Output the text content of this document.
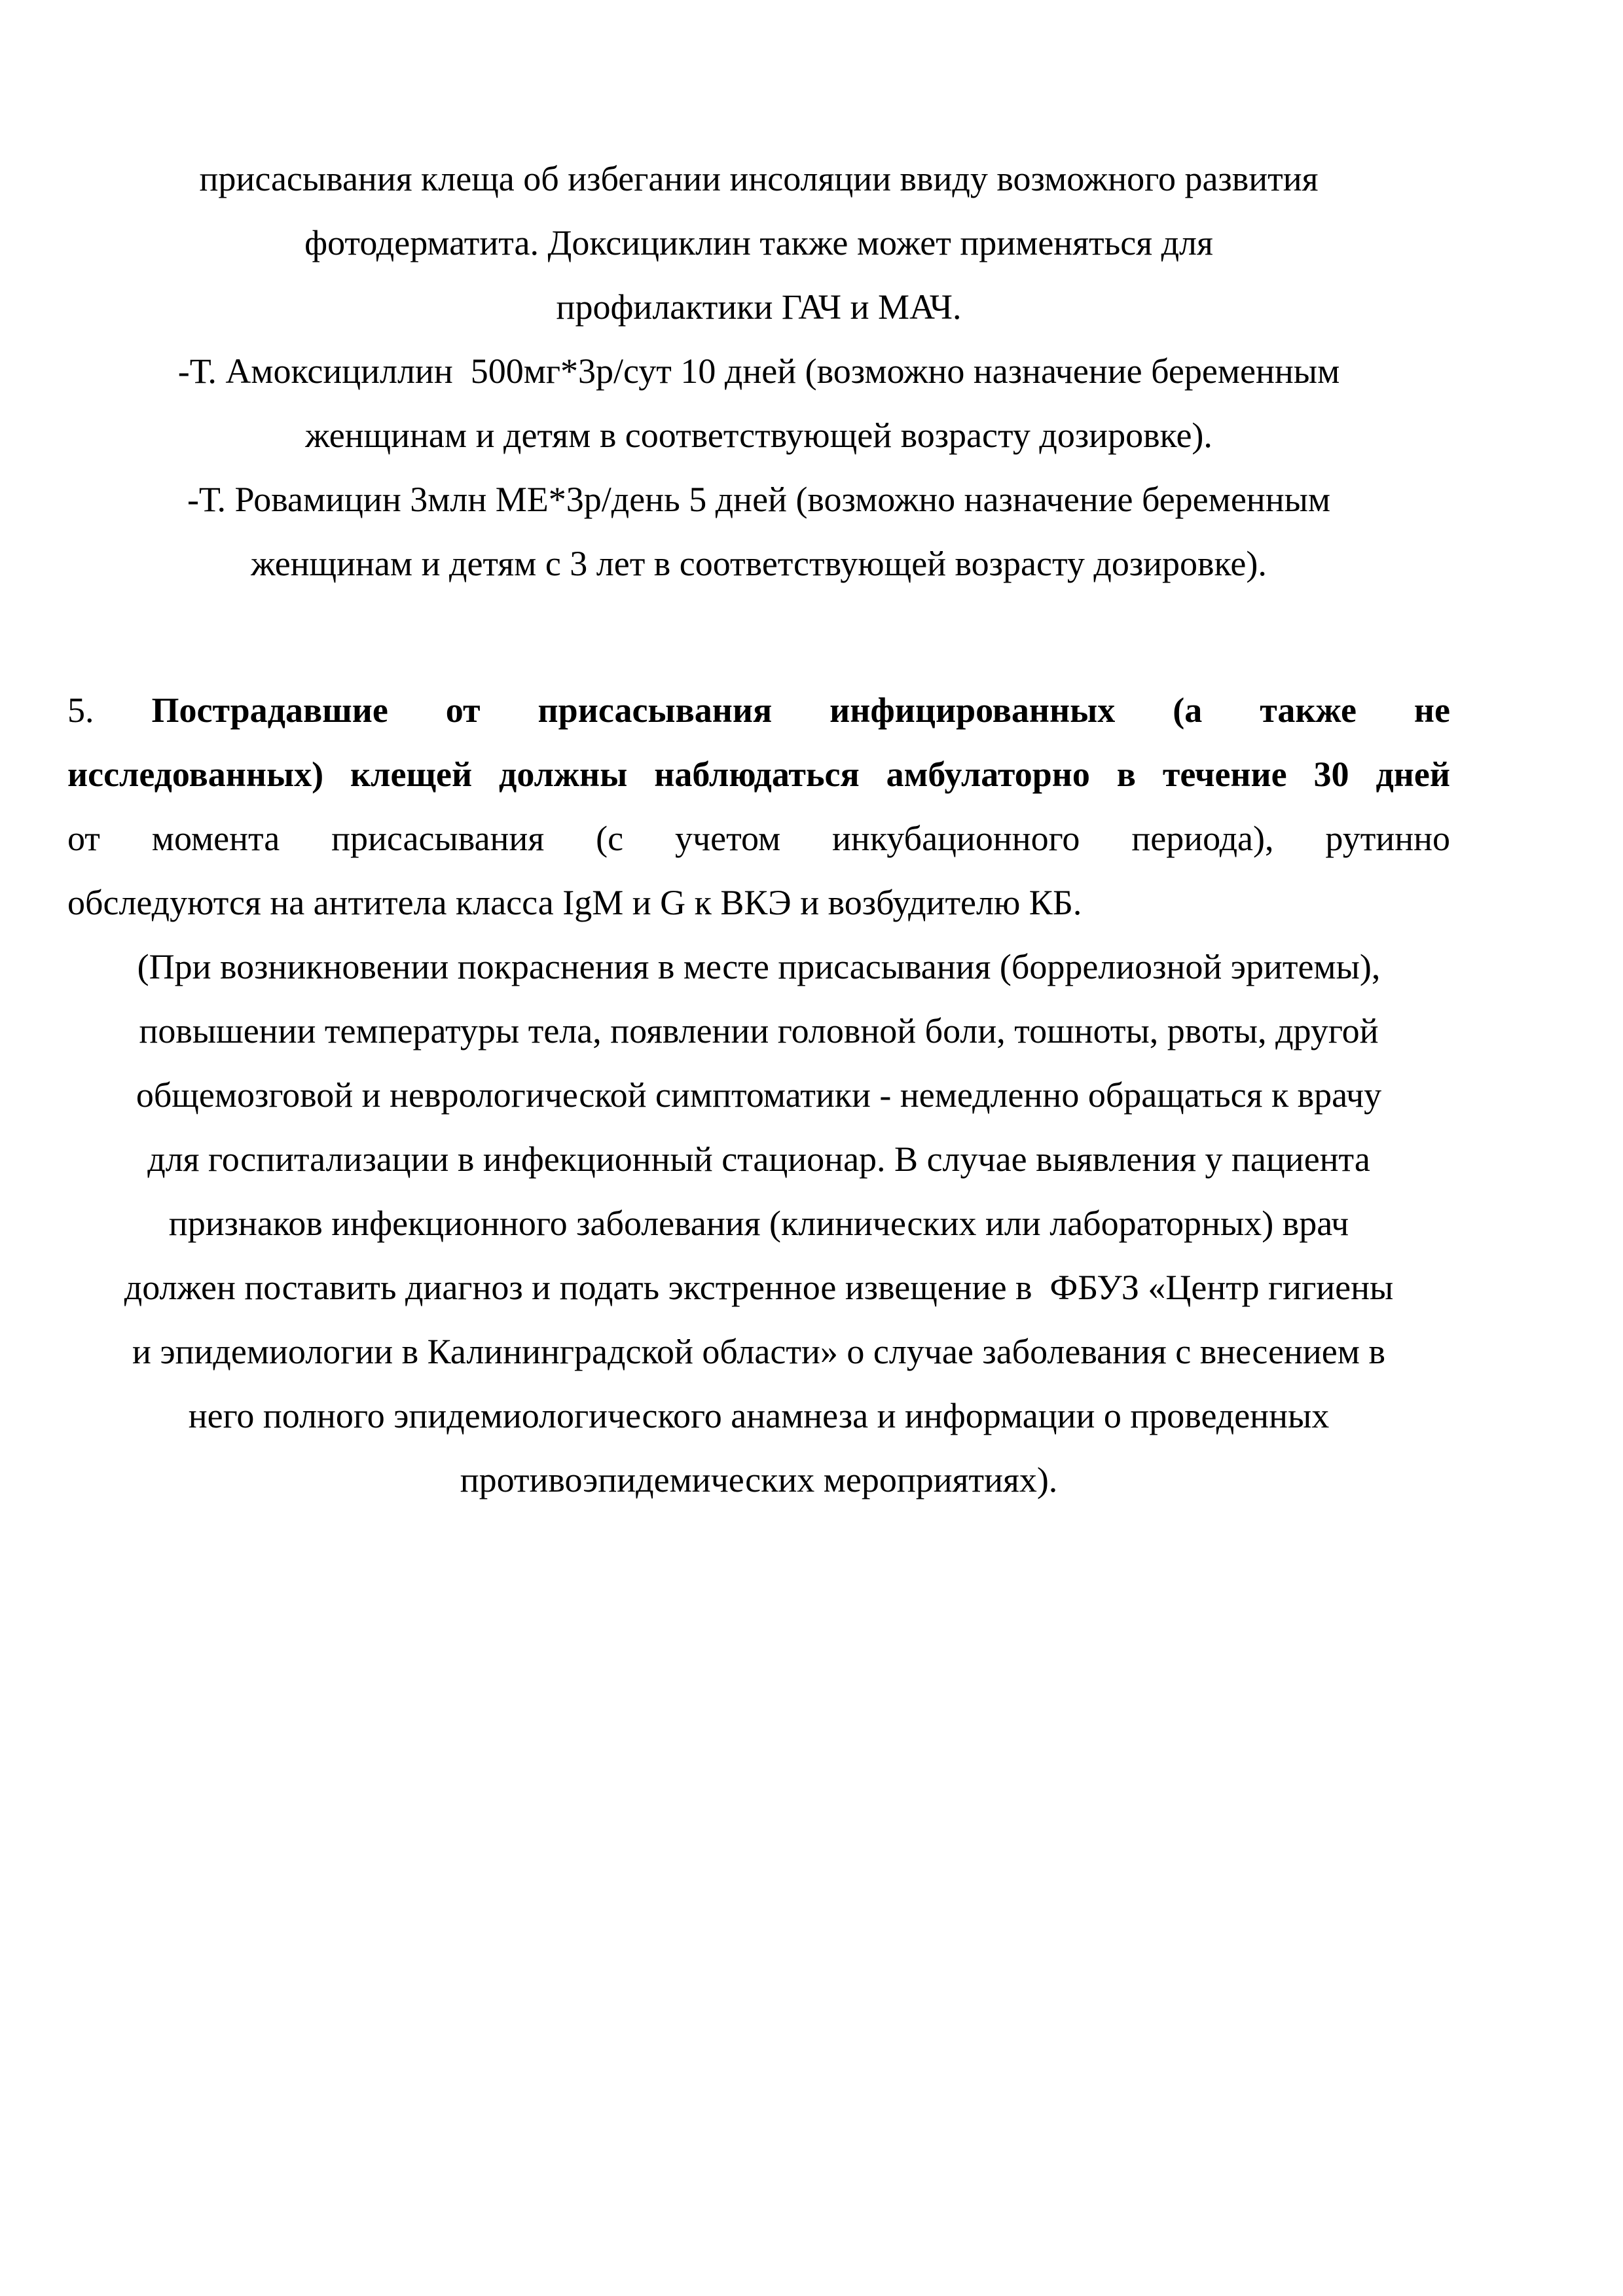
присасывания клеща об избегании инсоляции ввиду возможного развития
фотодерматита. Доксициклин также может применяться для
профилактики ГАЧ и МАЧ.
-Т. Амоксициллин  500мг*3р/сут 10 дней (возможно назначение беременным
женщинам и детям в соответствующей возрасту дозировке).
-Т. Ровамицин 3млн МЕ*3р/день 5 дней (возможно назначение беременным
женщинам и детям с 3 лет в соответствующей возрасту дозировке).
5. Пострадавшие от присасывания инфицированных (а также не
исследованных) клещей должны наблюдаться амбулаторно в течение 30 дней
от момента присасывания (с учетом инкубационного периода), рутинно
обследуются на антитела класса IgM и G к ВКЭ и возбудителю КБ.
(При возникновении покраснения в месте присасывания (боррелиозной эритемы),
повышении температуры тела, появлении головной боли, тошноты, рвоты, другой
общемозговой и неврологической симптоматики - немедленно обращаться к врачу
для госпитализации в инфекционный стационар. В случае выявления у пациента
признаков инфекционного заболевания (клинических или лабораторных) врач
должен поставить диагноз и подать экстренное извещение в  ФБУЗ «Центр гигиены
и эпидемиологии в Калининградской области» о случае заболевания с внесением в
него полного эпидемиологического анамнеза и информации о проведенных
противоэпидемических мероприятиях).
